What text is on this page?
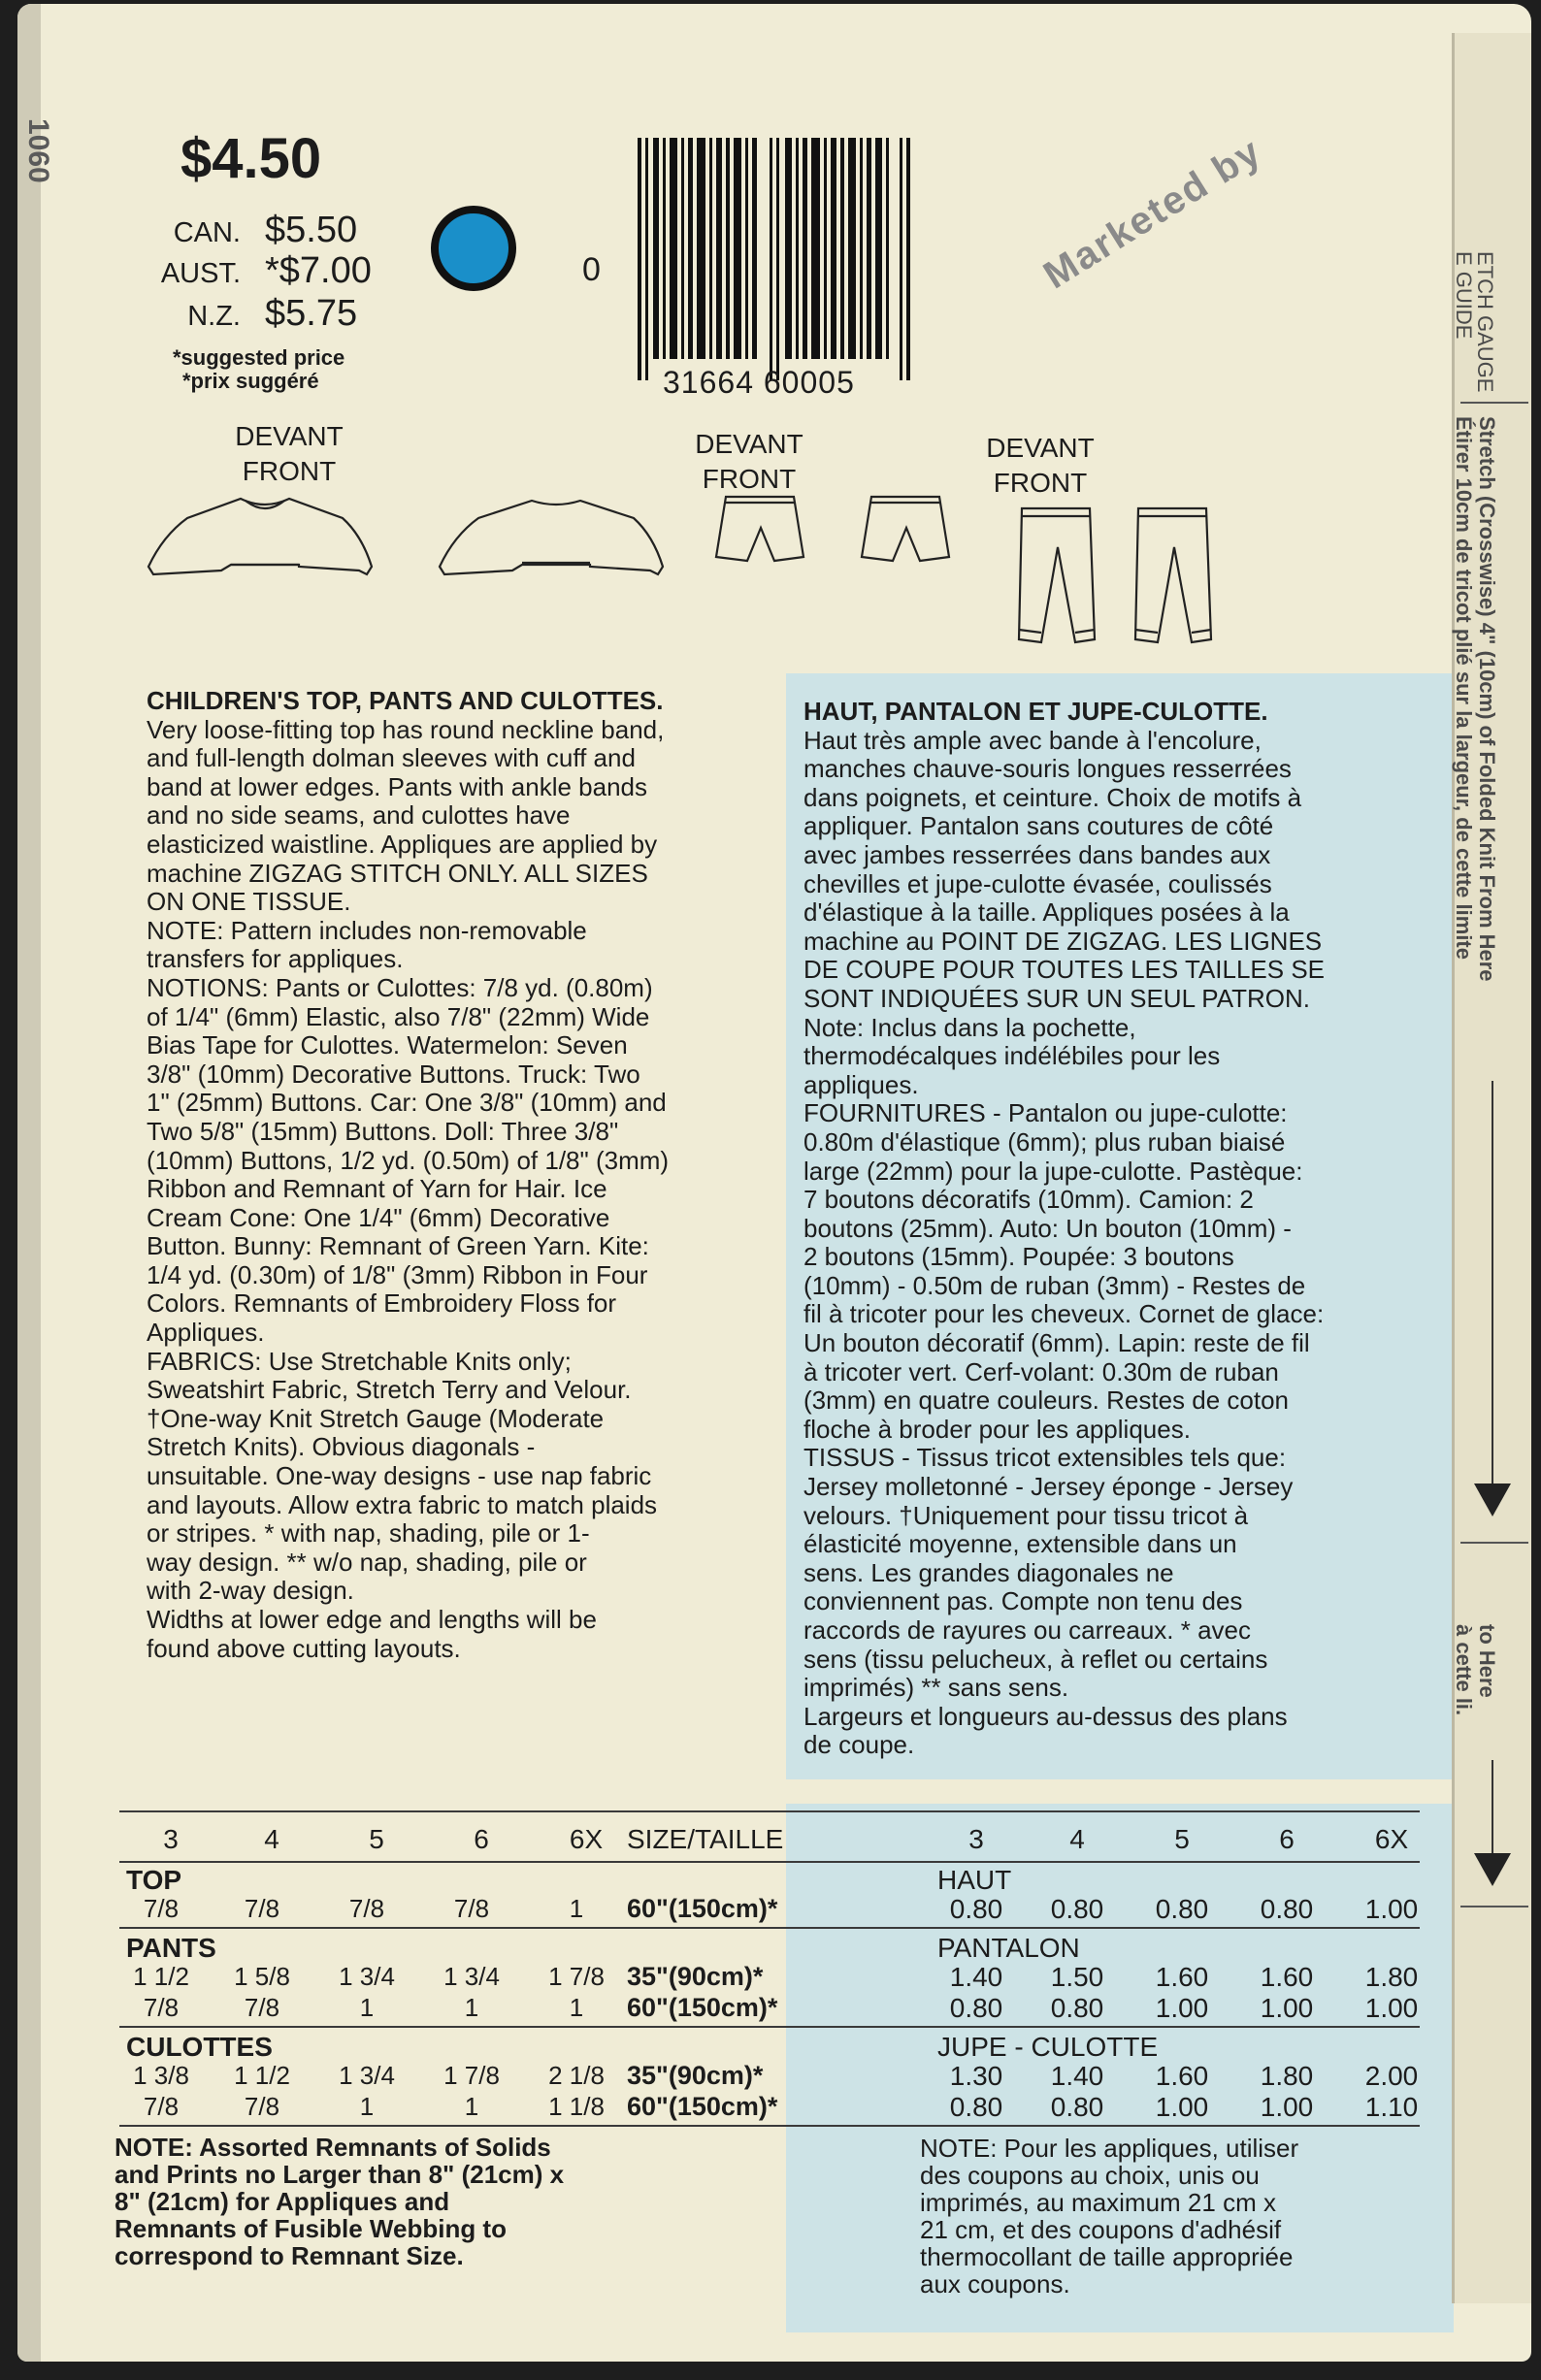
1060 $4.50
CAN. $5.50
AUST. *$7.00
N.Z. $5.75
*suggested price
*prix suggéré
0
31664 60005
Marketed by
DEVANT
FRONT
DEVANT
FRONT
DEVANT
FRONT
CHILDREN'S TOP, PANTS AND CULOTTES.
Very loose-fitting top has round neckline band,
and full-length dolman sleeves with cuff and
band at lower edges. Pants with ankle bands
and no side seams, and culottes have
elasticized waistline. Appliques are applied by
machine ZIGZAG STITCH ONLY. ALL SIZES
ON ONE TISSUE.
NOTE: Pattern includes non-removable
transfers for appliques.
NOTIONS: Pants or Culottes: 7/8 yd. (0.80m)
of 1/4" (6mm) Elastic, also 7/8" (22mm) Wide
Bias Tape for Culottes. Watermelon: Seven
3/8" (10mm) Decorative Buttons. Truck: Two
1" (25mm) Buttons. Car: One 3/8" (10mm) and
Two 5/8" (15mm) Buttons. Doll: Three 3/8"
(10mm) Buttons, 1/2 yd. (0.50m) of 1/8" (3mm)
Ribbon and Remnant of Yarn for Hair. Ice
Cream Cone: One 1/4" (6mm) Decorative
Button. Bunny: Remnant of Green Yarn. Kite:
1/4 yd. (0.30m) of 1/8" (3mm) Ribbon in Four
Colors. Remnants of Embroidery Floss for
Appliques.
FABRICS: Use Stretchable Knits only;
Sweatshirt Fabric, Stretch Terry and Velour.
†One-way Knit Stretch Gauge (Moderate
Stretch Knits). Obvious diagonals -
unsuitable. One-way designs - use nap fabric
and layouts. Allow extra fabric to match plaids
or stripes. * with nap, shading, pile or 1-
way design. ** w/o nap, shading, pile or
with 2-way design.
Widths at lower edge and lengths will be
found above cutting layouts.
HAUT, PANTALON ET JUPE-CULOTTE.
Haut très ample avec bande à l'encolure,
manches chauve-souris longues resserrées
dans poignets, et ceinture. Choix de motifs à
appliquer. Pantalon sans coutures de côté
avec jambes resserrées dans bandes aux
chevilles et jupe-culotte évasée, coulissés
d'élastique à la taille. Appliques posées à la
machine au POINT DE ZIGZAG. LES LIGNES
DE COUPE POUR TOUTES LES TAILLES SE
SONT INDIQUÉES SUR UN SEUL PATRON.
Note: Inclus dans la pochette,
thermodécalques indélébiles pour les
appliques.
FOURNITURES - Pantalon ou jupe-culotte:
0.80m d'élastique (6mm); plus ruban biaisé
large (22mm) pour la jupe-culotte. Pastèque:
7 boutons décoratifs (10mm). Camion: 2
boutons (25mm). Auto: Un bouton (10mm) -
2 boutons (15mm). Poupée: 3 boutons
(10mm) - 0.50m de ruban (3mm) - Restes de
fil à tricoter pour les cheveux. Cornet de glace:
Un bouton décoratif (6mm). Lapin: reste de fil
à tricoter vert. Cerf-volant: 0.30m de ruban
(3mm) en quatre couleurs. Restes de coton
floche à broder pour les appliques.
TISSUS - Tissus tricot extensibles tels que:
Jersey molletonné - Jersey éponge - Jersey
velours. †Uniquement pour tissu tricot à
élasticité moyenne, extensible dans un
sens. Les grandes diagonales ne
conviennent pas. Compte non tenu des
raccords de rayures ou carreaux. * avec
sens (tissu pelucheux, à reflet ou certains
imprimés) ** sans sens.
Largeurs et longueurs au-dessus des plans
de coupe.
NOTE: Assorted Remnants of Solids
and Prints no Larger than 8" (21cm) x
8" (21cm) for Appliques and
Remnants of Fusible Webbing to
correspond to Remnant Size.
NOTE: Pour les appliques, utiliser
des coupons au choix, unis ou
imprimés, au maximum 21 cm x
21 cm, et des coupons d'adhésif
thermocollant de taille appropriée
aux coupons.
ETCH GAUGE
E GUIDE
Stretch (Crosswise) 4" (10cm) of Folded Knit From Here
Étirer 10cm de tricot plié sur la largeur, de cette limite
to Here
à cette li.
3	4	5	6	6X SIZE/TAILLE	3	4	5	6	6X
TOP	HAUT
7/8	7/8	7/8	7/8	1	60"(150cm)*	0.80	0.80	0.80	0.80	1.00
PANTS	PANTALON
1 1/2	1 5/8	1 3/4	1 3/4	1 7/8 35"(90cm)*	1.40	1.50	1.60	1.60	1.80
7/8	7/8	1	1	1	60"(150cm)*	0.80	0.80	1.00	1.00	1.00
CULOTTES	JUPE - CULOTTE
1 3/8	1 1/2	1 3/4	1 7/8	2 1/8 35"(90cm)*	1.30	1.40	1.60	1.80	2.00
7/8	7/8	1	1	1 1/8 60"(150cm)*	0.80	0.80	1.00	1.00	1.10
